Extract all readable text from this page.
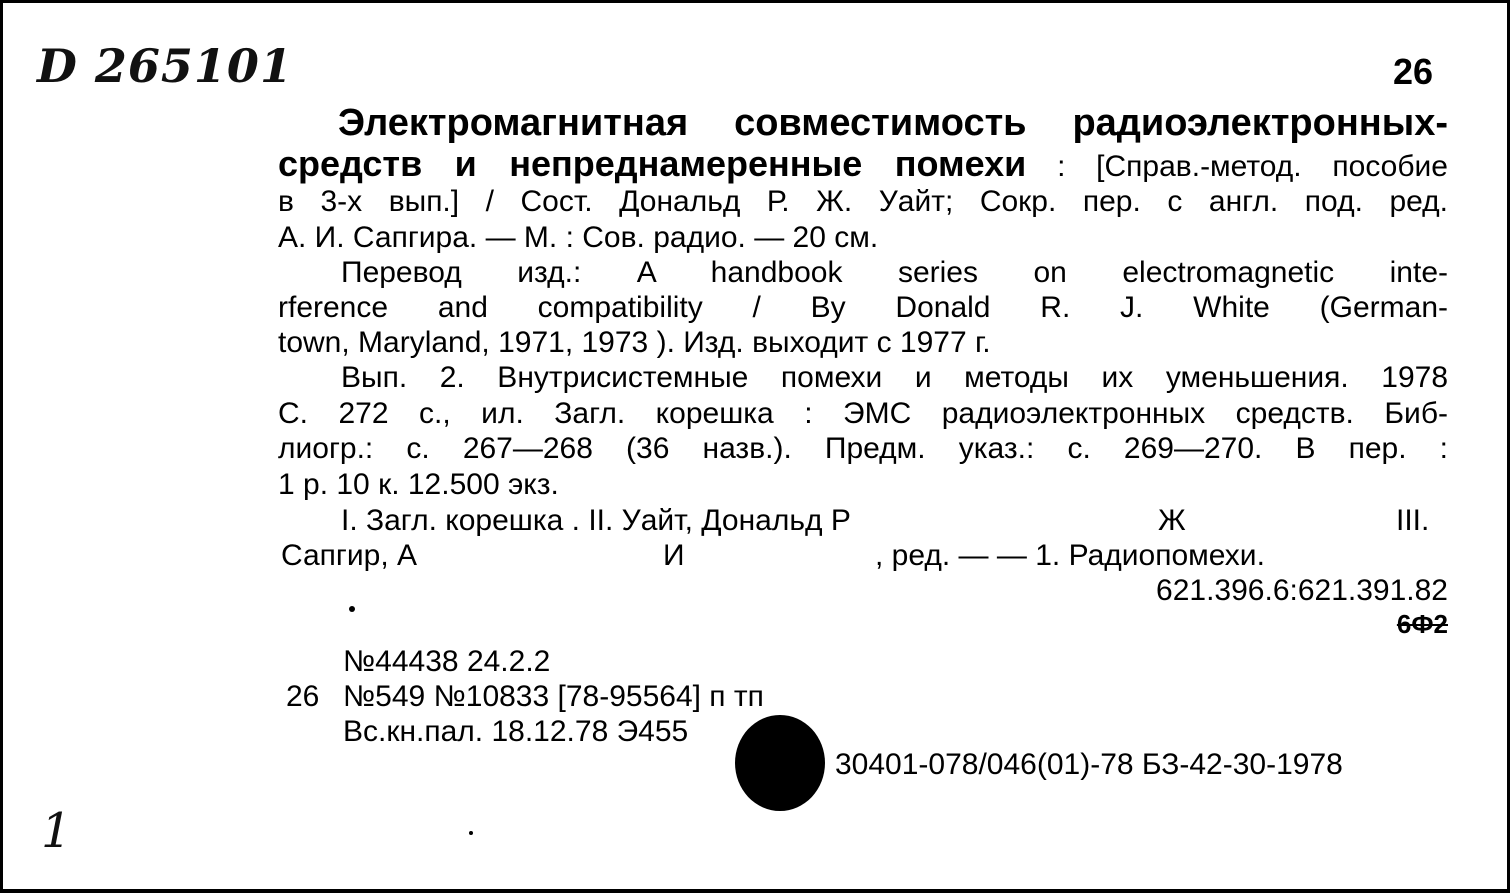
D 265101	26
Электромагнитная совместимость радиоэлектронных-
средств и непреднамеренные помехи : [Справ.-метод. пособие
в 3-х вып.] / Сост. Дональд Р. Ж. Уайт; Сокр. пер. с англ. под. ред.
А. И. Сапгира. — М. : Сов. радио. — 20 см.
Перевод изд.: A handbook series on electromagnetic inte-
rference and compatibility / By Donald R. J. White (German-
town, Maryland, 1971, 1973 ). Изд. выходит с 1977 г.
Вып. 2. Внутрисистемные помехи и методы их уменьшения. 1978
С. 272 с., ил. Загл. корешка : ЭМС радиоэлектронных средств. Биб-
лиогр.: с. 267—268 (36 назв.). Предм. указ.: с. 269—270. В пер. :
1 р. 10 к. 12.500 экз.
I. Загл. корешка . II. Уайт, Дональд Р	Ж	III.
Сапгир, А	И	, ред. — — 1. Радиопомехи.
621.396.6:621.391.82
6Ф2
№44438 24.2.2
26 №549 №10833 [78-95564] п тп
Вс.кн.пал. 18.12.78 Э455
30401-078/046(01)-78 БЗ-42-30-1978
1
